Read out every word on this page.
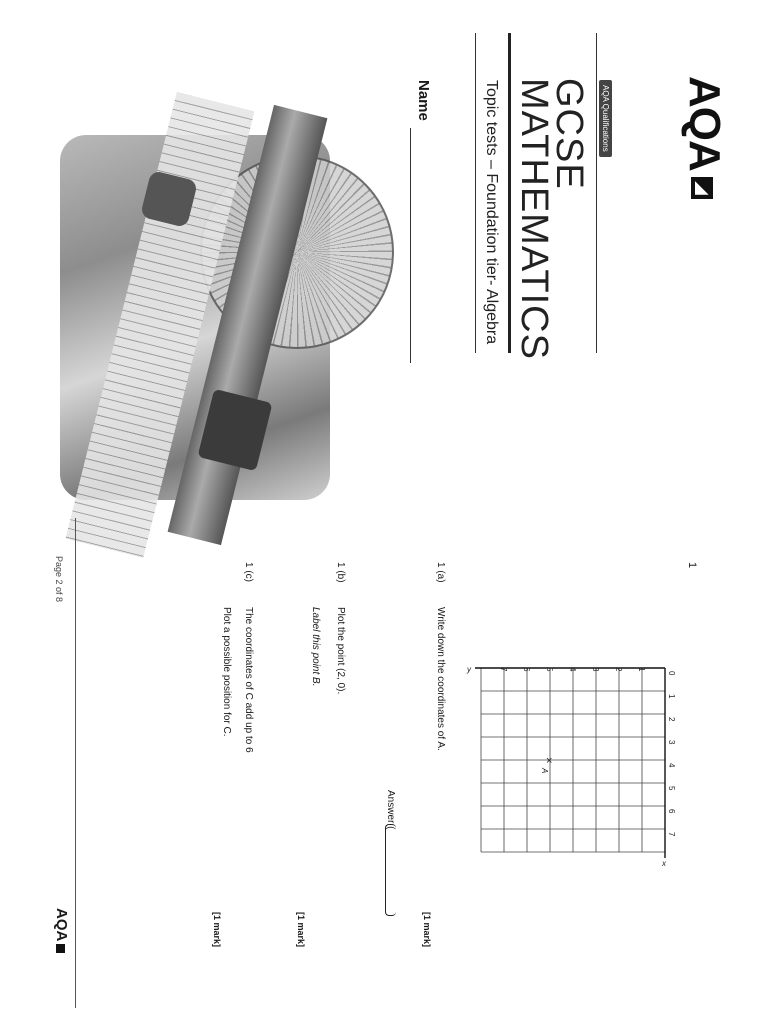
AQA
AQA Qualifications
GCSE
MATHEMATICS
Topic tests – Foundation tier- Algebra
Name
1
0
1
2
3
4
5
6
7
1
2
3
4
5
6
7
x
y
×
A
1 (a)
Write down the coordinates of A.
Answer (
[1 mark]
1 (b)
Plot the point (2, 0).
Label this point B.
[1 mark]
1 (c)
The coordinates of C add up to 6
Plot a possible position for C.
[1 mark]
Page 2 of 8
AQA
